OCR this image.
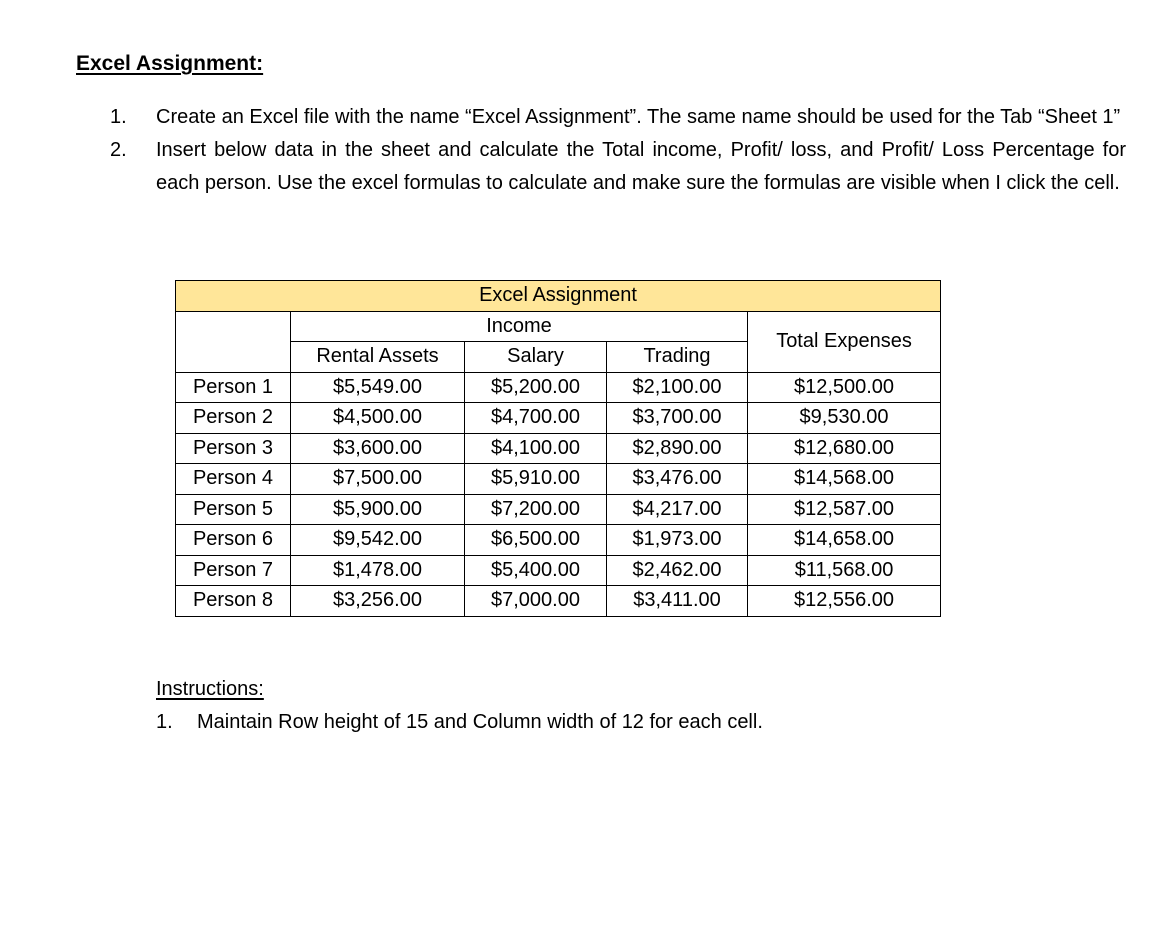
Excel Assignment:
1.	Create an Excel file with the name “Excel Assignment”. The same name should be used for the Tab “Sheet 1”
2.	Insert below data in the sheet and calculate the Total income, Profit/ loss, and Profit/ Loss Percentage for each person. Use the excel formulas to calculate and make sure the formulas are visible when I click the cell.
Excel Assignment				
	Income			Total Expenses
	Rental Assets	Salary	Trading	
Person 1	$5,549.00	$5,200.00	$2,100.00	$12,500.00
Person 2	$4,500.00	$4,700.00	$3,700.00	$9,530.00
Person 3	$3,600.00	$4,100.00	$2,890.00	$12,680.00
Person 4	$7,500.00	$5,910.00	$3,476.00	$14,568.00
Person 5	$5,900.00	$7,200.00	$4,217.00	$12,587.00
Person 6	$9,542.00	$6,500.00	$1,973.00	$14,658.00
Person 7	$1,478.00	$5,400.00	$2,462.00	$11,568.00
Person 8	$3,256.00	$7,000.00	$3,411.00	$12,556.00
Instructions:
1.	Maintain Row height of 15 and Column width of 12 for each cell.
